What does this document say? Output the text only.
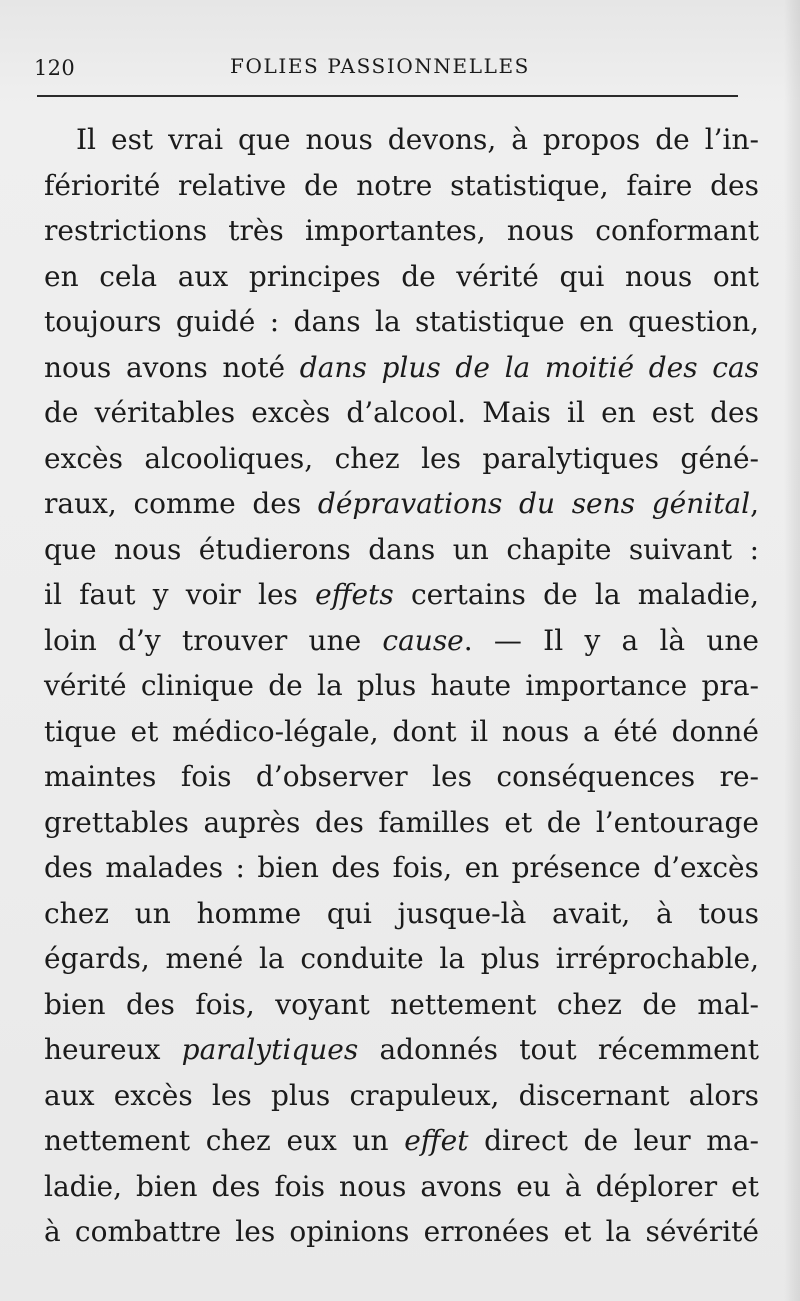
120	FOLIES PASSIONNELLES
Il est vrai que nous devons, à propos de l’in-
fériorité relative de notre statistique, faire des
restrictions très importantes, nous conformant
en cela aux principes de vérité qui nous ont
toujours guidé : dans la statistique en question,
nous avons noté dans plus de la moitié des cas
de véritables excès d’alcool. Mais il en est des
excès alcooliques, chez les paralytiques géné-
raux, comme des dépravations du sens génital,
que nous étudierons dans un chapite suivant :
il faut y voir les effets certains de la maladie,
loin d’y trouver une cause. — Il y a là une
vérité clinique de la plus haute importance pra-
tique et médico-légale, dont il nous a été donné
maintes fois d’observer les conséquences re-
grettables auprès des familles et de l’entourage
des malades : bien des fois, en présence d’excès
chez un homme qui jusque-là avait, à tous
égards, mené la conduite la plus irréprochable,
bien des fois, voyant nettement chez de mal-
heureux paralytiques adonnés tout récemment
aux excès les plus crapuleux, discernant alors
nettement chez eux un effet direct de leur ma-
ladie, bien des fois nous avons eu à déplorer et
à combattre les opinions erronées et la sévérité
